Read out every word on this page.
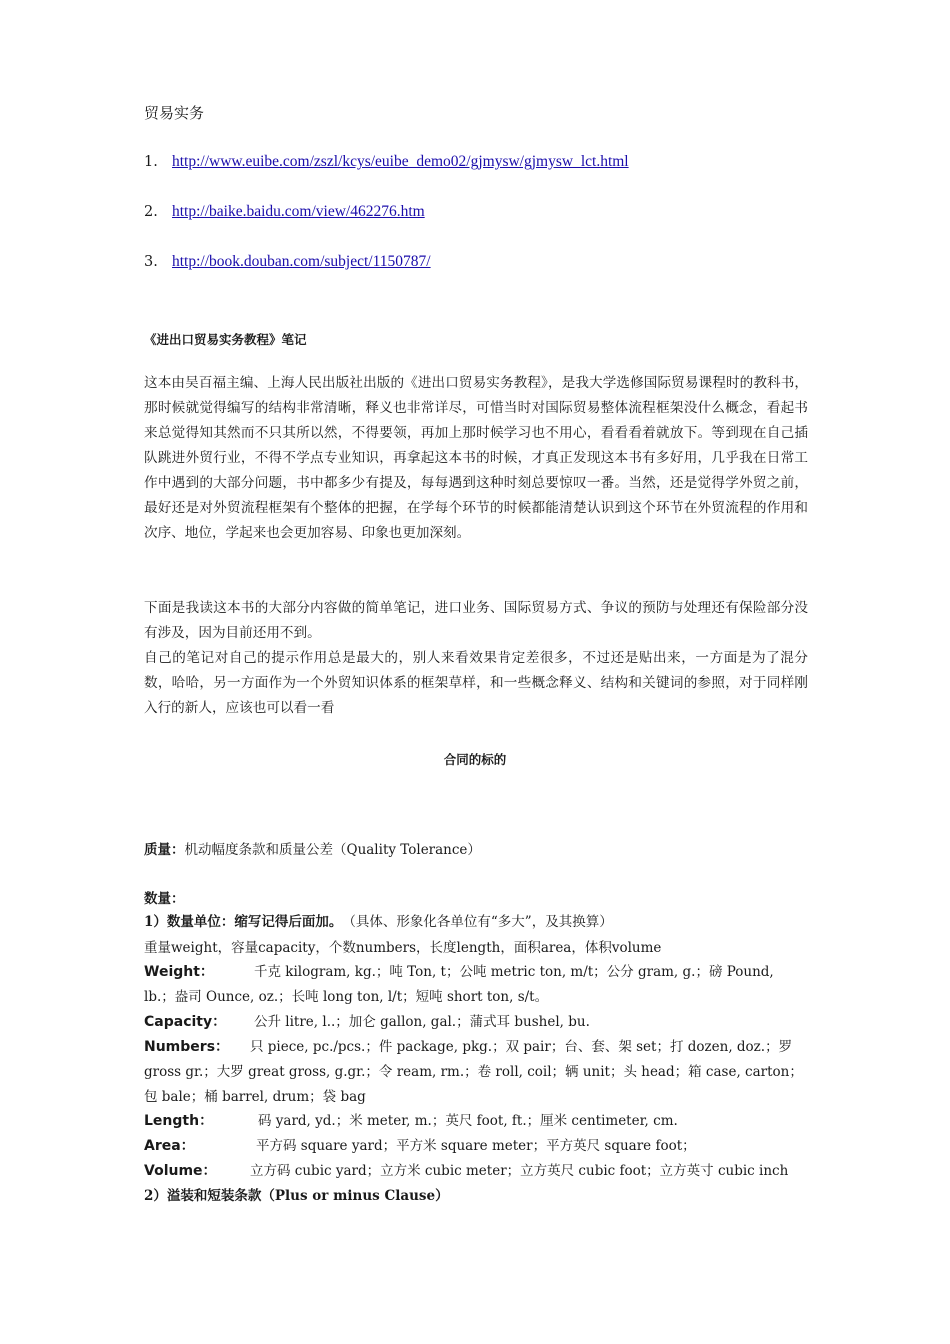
贸易实务

1. http://www.euibe.com/zszl/kcys/euibe_demo02/gjmysw/gjmysw_lct.html
2. http://baike.baidu.com/view/462276.htm
3. http://book.douban.com/subject/1150787/

《进出口贸易实务教程》笔记

这本由吴百福主编、上海人民出版社出版的《进出口贸易实务教程》，是我大学选修国际贸易课程时的教科书，那时候就觉得编写的结构非常清晰，释义也非常详尽，可惜当时对国际贸易整体流程框架没什么概念，看起书来总觉得知其然而不只其所以然，不得要领，再加上那时候学习也不用心，看看看着就放下。等到现在自己插队跳进外贸行业，不得不学点专业知识，再拿起这本书的时候，才真正发现这本书有多好用，几乎我在日常工作中遇到的大部分问题，书中都多少有提及，每每遇到这种时刻总要惊叹一番。当然，还是觉得学外贸之前，最好还是对外贸流程框架有个整体的把握，在学每个环节的时候都能清楚认识到这个环节在外贸流程的作用和次序、地位，学起来也会更加容易、印象也更加深刻。

下面是我读这本书的大部分内容做的简单笔记，进口业务、国际贸易方式、争议的预防与处理还有保险部分没有涉及，因为目前还用不到。
自己的笔记对自己的提示作用总是最大的，别人来看效果肯定差很多，不过还是贴出来，一方面是为了混分数，哈哈，另一方面作为一个外贸知识体系的框架草样，和一些概念释义、结构和关键词的参照，对于同样刚入行的新人，应该也可以看一看
合同的标的
质量：机动幅度条款和质量公差（Quality Tolerance）
数量：
1）数量单位：缩写记得后面加。（具体、形象化各单位有“多大”，及其换算）
重量weight，容量capacity，个数numbers，长度length，面积area，体积volume
Weight：	千克 kilogram, kg.；吨 Ton, t；公吨 metric ton, m/t；公分 gram, g.；磅 Pound, lb.；盎司 Ounce, oz.；长吨 long ton, l/t；短吨 short ton, s/t。
Capacity： 公升 litre, l..；加仑 gallon, gal.；蒲式耳 bushel, bu.
Numbers： 只 piece, pc./pcs.；件 package, pkg.；双 pair；台、套、架 set；打 dozen, doz.；罗 gross gr.；大罗 great gross, g.gr.；令 ream, rm.；卷 roll, coil；辆 unit；头 head；箱 case, carton；包 bale；桶 barrel, drum；袋 bag
Length：	码 yard, yd.；米 meter, m.；英尺 foot, ft.；厘米 centimeter, cm.
Area：	平方码 square yard；平方米 square meter；平方英尺 square foot；
Volume： 立方码 cubic yard；立方米 cubic meter；立方英尺 cubic foot；立方英寸 cubic inch
2）溢装和短装条款（Plus or minus Clause）
